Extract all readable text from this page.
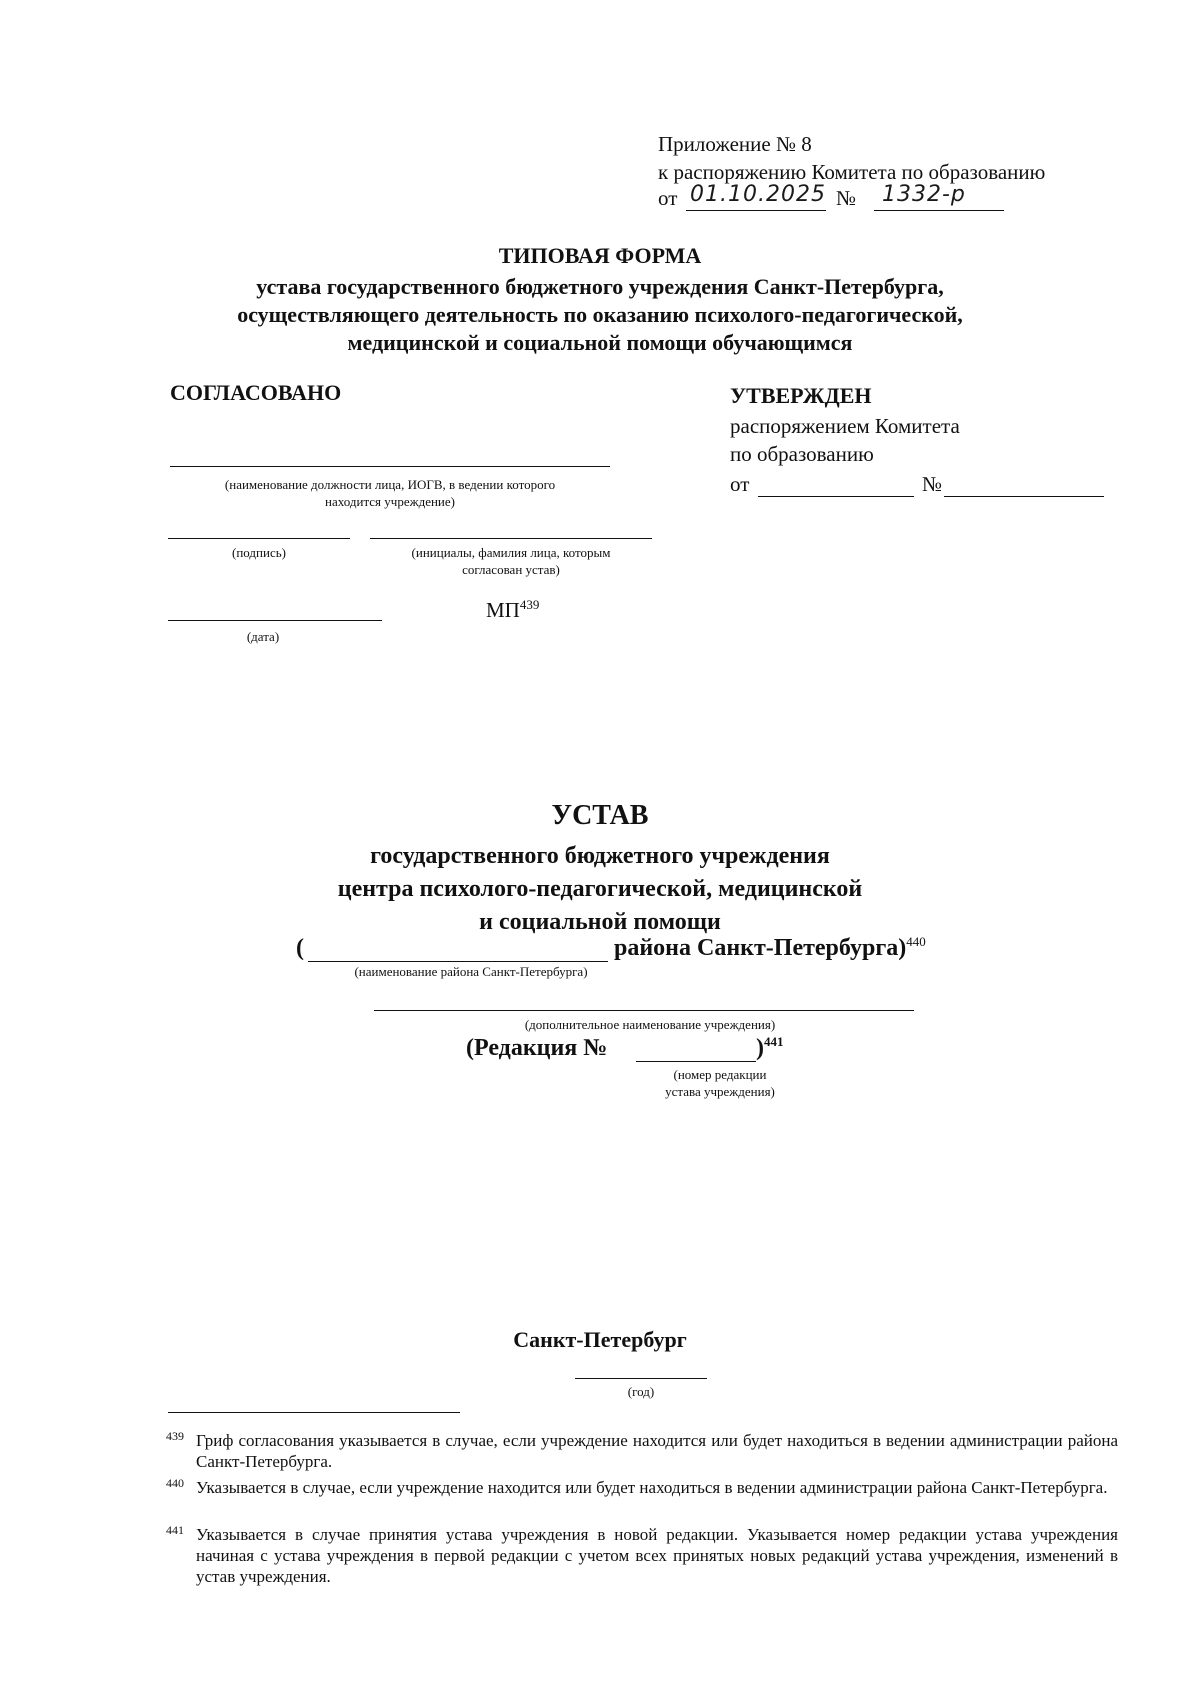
Приложение № 8
к распоряжению Комитета по образованию
от 01.10.2025 № 1332-р
ТИПОВАЯ ФОРМА
устава государственного бюджетного учреждения Санкт-Петербурга,
осуществляющего деятельность по оказанию психолого-педагогической,
медицинской и социальной помощи обучающимся
СОГЛАСОВАНО
(наименование должности лица, ИОГВ, в ведении которого
находится учреждение)
(подпись)	(инициалы, фамилия лица, которым
согласован устав)
МП$^{439}$
(дата)
УТВЕРЖДЕН
распоряжением Комитета
по образованию
от	№
УСТАВ
государственного бюджетного учреждения
центра психолого-педагогической, медицинской
и социальной помощи
(	района Санкт-Петербурга)$^{440}$
(наименование района Санкт-Петербурга)
(дополнительное наименование учреждения)
(Редакция №	)$^{441}$
(номер редакции
устава учреждения)
Санкт-Петербург
(год)
439 Гриф согласования указывается в случае, если учреждение находится или будет находиться в ведении администрации района Санкт-Петербурга.
440 Указывается в случае, если учреждение находится или будет находиться в ведении администрации района Санкт-Петербурга.
441 Указывается в случае принятия устава учреждения в новой редакции. Указывается номер редакции устава учреждения начиная с устава учреждения в первой редакции с учетом всех принятых новых редакций устава учреждения, изменений в устав учреждения.
